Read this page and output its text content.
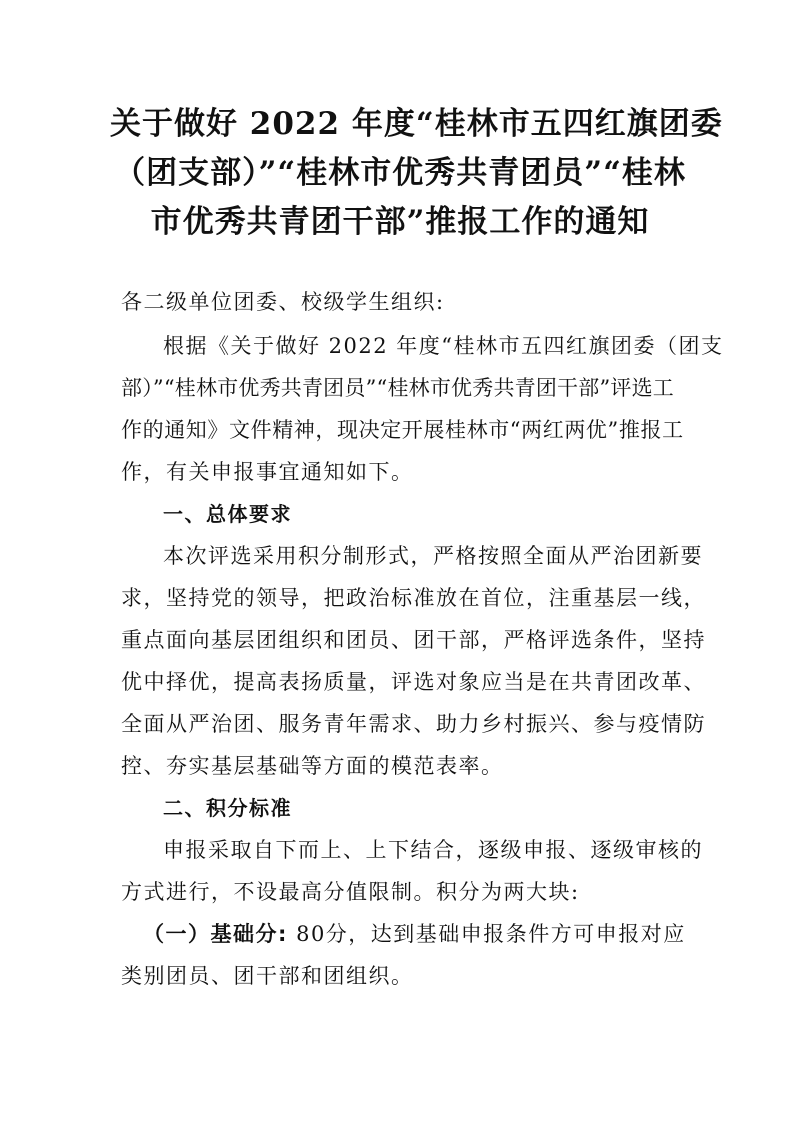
关于做好 2022 年度“桂林市五四红旗团委
（团支部）”“桂林市优秀共青团员”“桂林
市优秀共青团干部”推报工作的通知
各二级单位团委、校级学生组织:
根据《关于做好 2022 年度“桂林市五四红旗团委（团支
部）”“桂林市优秀共青团员”“桂林市优秀共青团干部”评选工
作的通知》文件精神，现决定开展桂林市“两红两优”推报工
作，有关申报事宜通知如下。
一、总体要求
本次评选采用积分制形式，严格按照全面从严治团新要
求，坚持党的领导，把政治标准放在首位，注重基层一线，
重点面向基层团组织和团员、团干部，严格评选条件，坚持
优中择优，提高表扬质量，评选对象应当是在共青团改革、
全面从严治团、服务青年需求、助力乡村振兴、参与疫情防
控、夯实基层基础等方面的模范表率。
二、积分标准
申报采取自下而上、上下结合，逐级申报、逐级审核的
方式进行，不设最高分值限制。积分为两大块:
（一）基础分: 80分，达到基础申报条件方可申报对应
类别团员、团干部和团组织。
